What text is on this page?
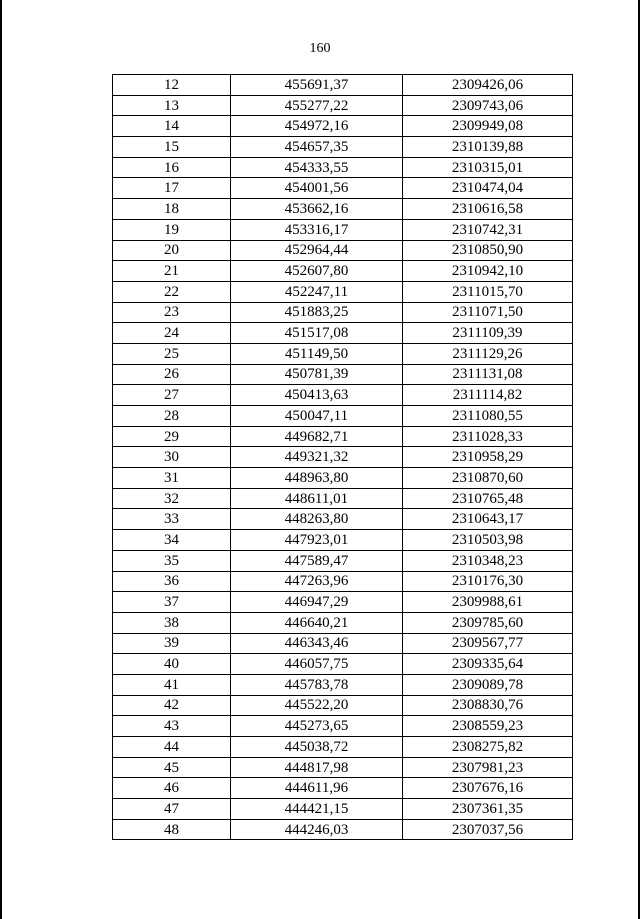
160
12	455691,37	2309426,06
13	455277,22	2309743,06
14	454972,16	2309949,08
15	454657,35	2310139,88
16	454333,55	2310315,01
17	454001,56	2310474,04
18	453662,16	2310616,58
19	453316,17	2310742,31
20	452964,44	2310850,90
21	452607,80	2310942,10
22	452247,11	2311015,70
23	451883,25	2311071,50
24	451517,08	2311109,39
25	451149,50	2311129,26
26	450781,39	2311131,08
27	450413,63	2311114,82
28	450047,11	2311080,55
29	449682,71	2311028,33
30	449321,32	2310958,29
31	448963,80	2310870,60
32	448611,01	2310765,48
33	448263,80	2310643,17
34	447923,01	2310503,98
35	447589,47	2310348,23
36	447263,96	2310176,30
37	446947,29	2309988,61
38	446640,21	2309785,60
39	446343,46	2309567,77
40	446057,75	2309335,64
41	445783,78	2309089,78
42	445522,20	2308830,76
43	445273,65	2308559,23
44	445038,72	2308275,82
45	444817,98	2307981,23
46	444611,96	2307676,16
47	444421,15	2307361,35
48	444246,03	2307037,56
